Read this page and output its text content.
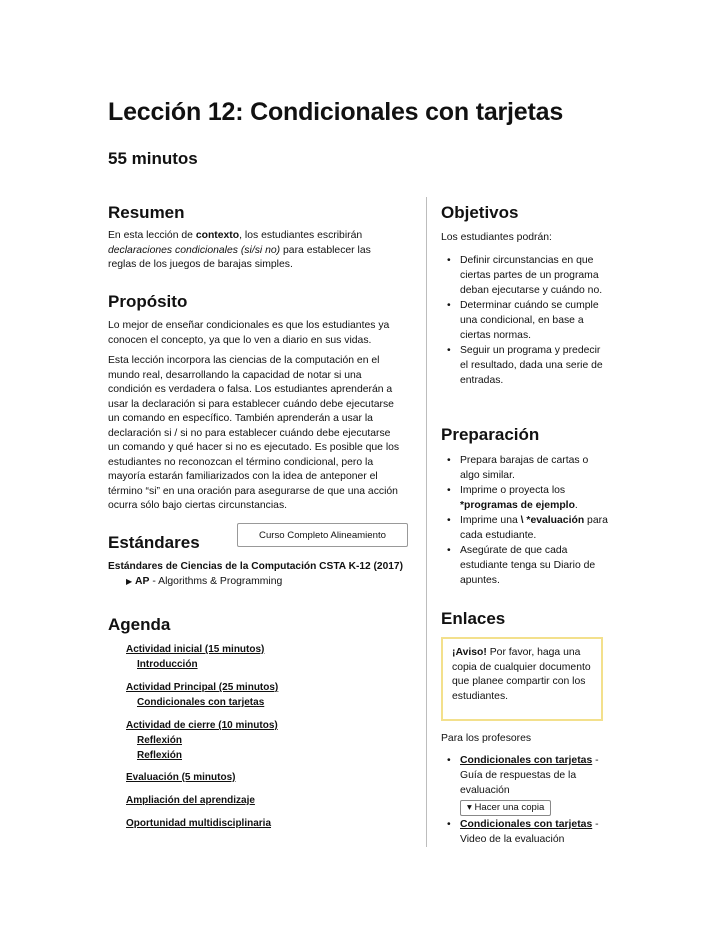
Lección 12: Condicionales con tarjetas
55 minutos
Resumen

En esta lección de contexto, los estudiantes escribirán declaraciones condicionales (si/si no) para establecer las reglas de los juegos de barajas simples.

Propósito

Lo mejor de enseñar condicionales es que los estudiantes ya conocen el concepto, ya que lo ven a diario en sus vidas.

Esta lección incorpora las ciencias de la computación en el mundo real, desarrollando la capacidad de notar si una condición es verdadera o falsa. Los estudiantes aprenderán a usar la declaración si para establecer cuándo debe ejecutarse un comando en específico. También aprenderán a usar la declaración si / si no para establecer cuándo debe ejecutarse un comando y qué hacer si no es ejecutado. Es posible que los estudiantes no reconozcan el término condicional, pero la mayoría estarán familiarizados con la idea de anteponer el término “si” en una oración para asegurarse de que una acción ocurra sólo bajo ciertas circunstancias.

Curso Completo Alineamiento
Estándares
Estándares de Ciencias de la Computación CSTA K-12 (2017)
▶ AP - Algorithms & Programming
Agenda
Actividad inicial (15 minutos)
Introducción
Actividad Principal (25 minutos)
Condicionales con tarjetas
Actividad de cierre (10 minutos)
Reflexión
Reflexión
Evaluación (5 minutos)
Ampliación del aprendizaje
Oportunidad multidisciplinaria
Objetivos

Los estudiantes podrán:

• Definir circunstancias en que ciertas partes de un programa deban ejecutarse y cuándo no.
• Determinar cuándo se cumple una condicional, en base a ciertas normas.
• Seguir un programa y predecir el resultado, dada una serie de entradas.
Preparación
• Prepara barajas de cartas o algo similar.
• Imprime o proyecta los *programas de ejemplo.
• Imprime una \ *evaluación para cada estudiante.
• Asegúrate de que cada estudiante tenga su Diario de apuntes.
Enlaces
¡Aviso! Por favor, haga una copia de cualquier documento que planee compartir con los estudiantes.

Para los profesores

• Condicionales con tarjetas - Guía de respuestas de la evaluación
▾ Hacer una copia
• Condicionales con tarjetas - Video de la evaluación
